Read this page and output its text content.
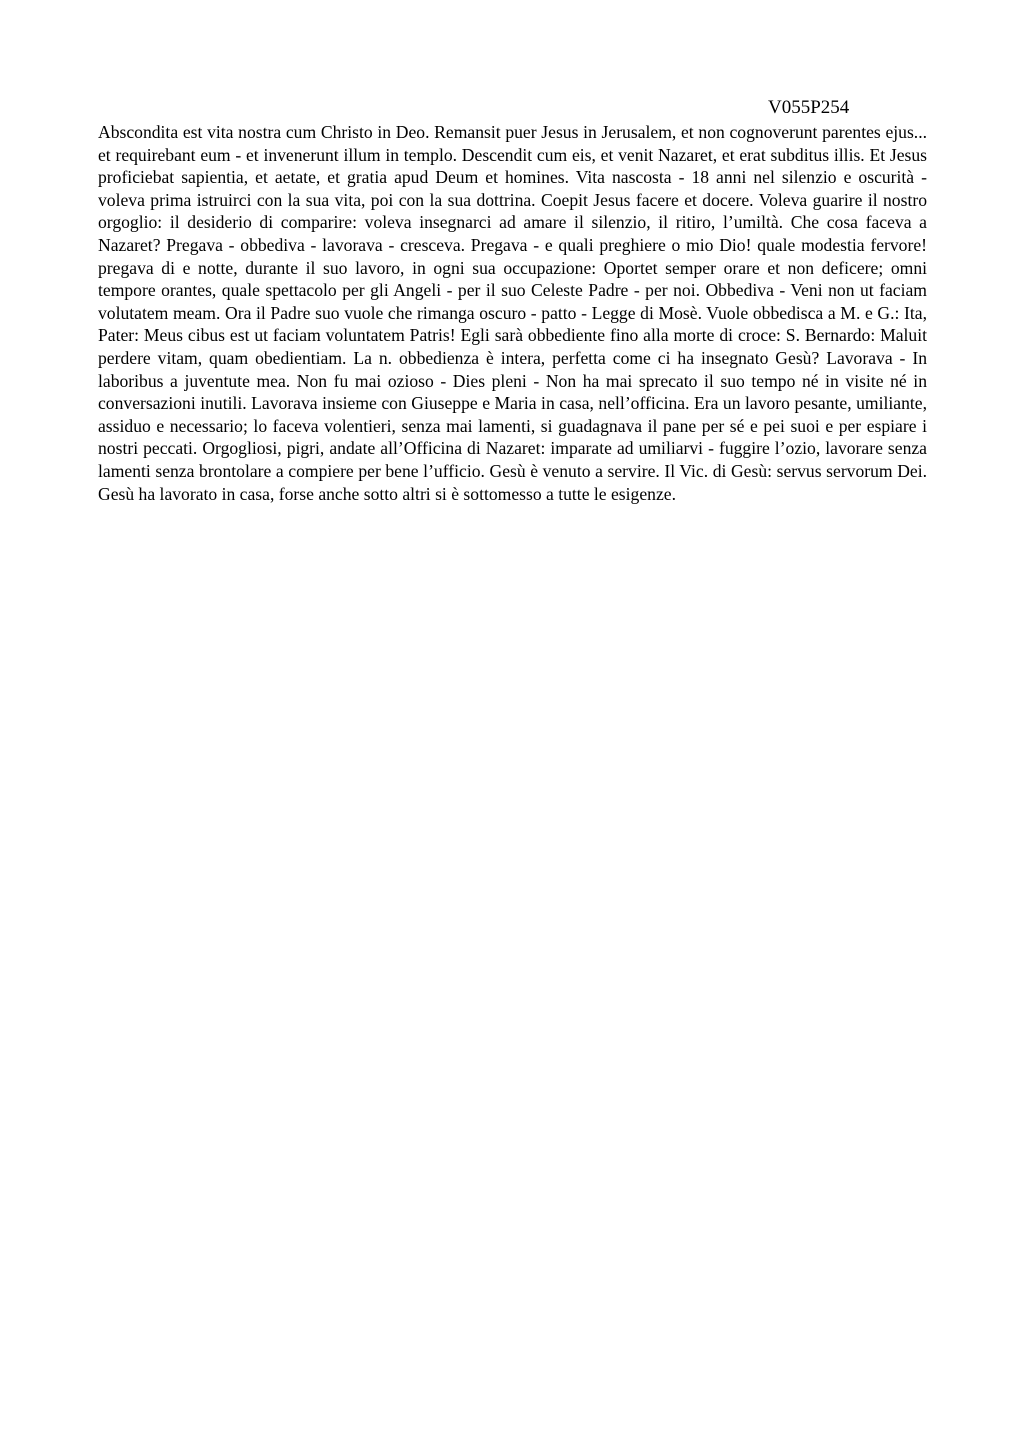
V055P254

Abscondita est vita nostra cum Christo in Deo. Remansit puer Jesus in Jerusalem, et non cognoverunt parentes ejus... et requirebant eum - et invenerunt illum in templo. Descendit cum eis, et venit Nazaret, et erat subditus illis. Et Jesus proficiebat sapientia, et aetate, et gratia apud Deum et homines. Vita nascosta - 18 anni nel silenzio e oscurità - voleva prima istruirci con la sua vita, poi con la sua dottrina. Coepit Jesus facere et docere. Voleva guarire il nostro orgoglio: il desiderio di comparire: voleva insegnarci ad amare il silenzio, il ritiro, l’umiltà. Che cosa faceva a Nazaret? Pregava - obbediva - lavorava - cresceva. Pregava - e quali preghiere o mio Dio! quale modestia fervore! pregava di e notte, durante il suo lavoro, in ogni sua occupazione: Oportet semper orare et non deficere; omni tempore orantes, quale spettacolo per gli Angeli - per il suo Celeste Padre - per noi. Obbediva - Veni non ut faciam volutatem meam. Ora il Padre suo vuole che rimanga oscuro - patto - Legge di Mosè. Vuole obbedisca a M. e G.: Ita, Pater: Meus cibus est ut faciam voluntatem Patris! Egli sarà obbediente fino alla morte di croce: S. Bernardo: Maluit perdere vitam, quam obedientiam. La n. obbedienza è intera, perfetta come ci ha insegnato Gesù? Lavorava - In laboribus a juventute mea. Non fu mai ozioso - Dies pleni - Non ha mai sprecato il suo tempo né in visite né in conversazioni inutili. Lavorava insieme con Giuseppe e Maria in casa, nell’officina. Era un lavoro pesante, umiliante, assiduo e necessario; lo faceva volentieri, senza mai lamenti, si guadagnava il pane per sé e pei suoi e per espiare i nostri peccati. Orgogliosi, pigri, andate all’Officina di Nazaret: imparate ad umiliarvi - fuggire l’ozio, lavorare senza lamenti senza brontolare a compiere per bene l’ufficio. Gesù è venuto a servire. Il Vic. di Gesù: servus servorum Dei. Gesù ha lavorato in casa, forse anche sotto altri si è sottomesso a tutte le esigenze.
